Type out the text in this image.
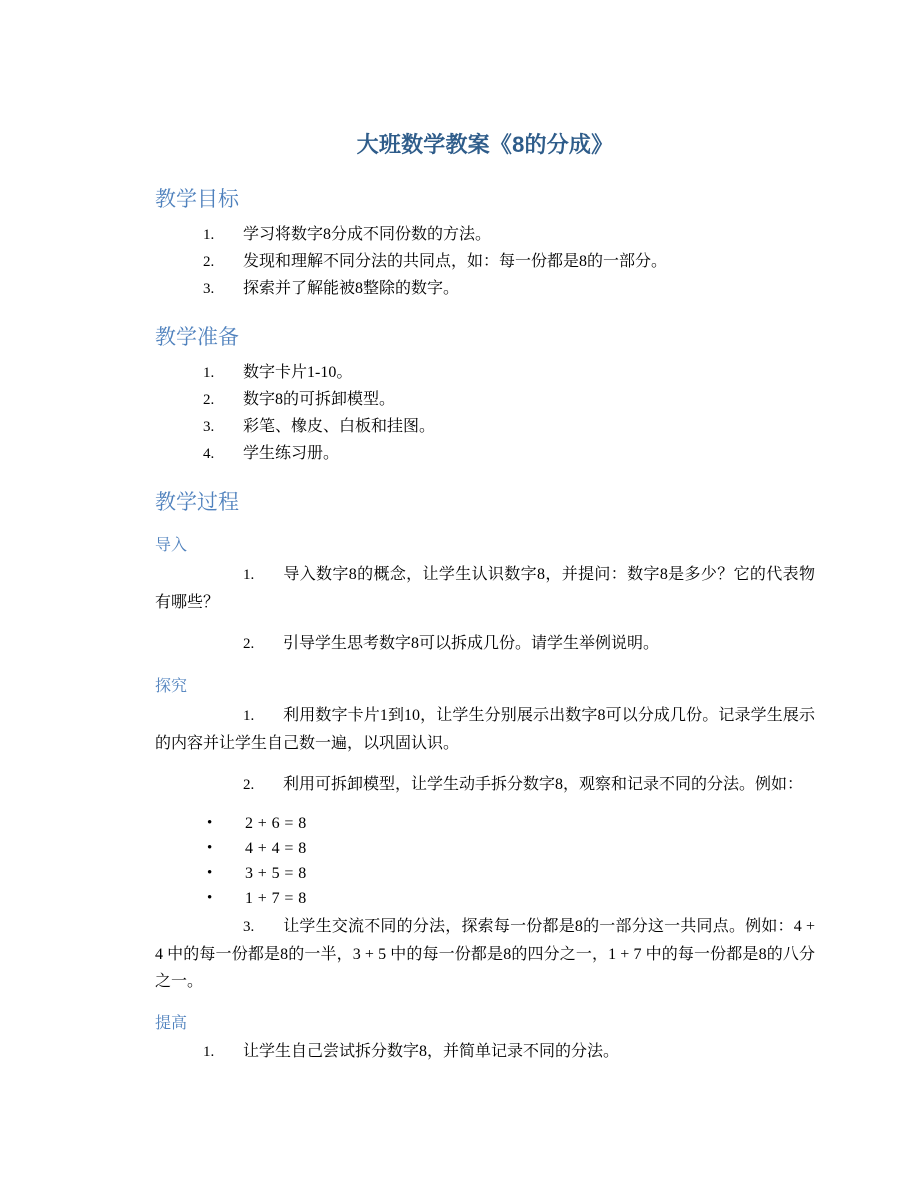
大班数学教案《8的分成》
教学目标
1.	学习将数字8分成不同份数的方法。
2.	发现和理解不同分法的共同点，如：每一份都是8的一部分。
3.	探索并了解能被8整除的数字。
教学准备
1.	数字卡片1-10。
2.	数字8的可拆卸模型。
3.	彩笔、橡皮、白板和挂图。
4.	学生练习册。
教学过程
导入
1. 导入数字8的概念，让学生认识数字8，并提问：数字8是多少？它的代表物有哪些？
2. 引导学生思考数字8可以拆成几份。请学生举例说明。
探究
1. 利用数字卡片1到10，让学生分别展示出数字8可以分成几份。记录学生展示的内容并让学生自己数一遍，以巩固认识。
2. 利用可拆卸模型，让学生动手拆分数字8，观察和记录不同的分法。例如：
• 2 + 6 = 8
• 4 + 4 = 8
• 3 + 5 = 8
• 1 + 7 = 8
3. 让学生交流不同的分法，探索每一份都是8的一部分这一共同点。例如：4 + 4 中的每一份都是8的一半，3 + 5 中的每一份都是8的四分之一，1 + 7 中的每一份都是8的八分之一。
提高
1.	让学生自己尝试拆分数字8，并简单记录不同的分法。
